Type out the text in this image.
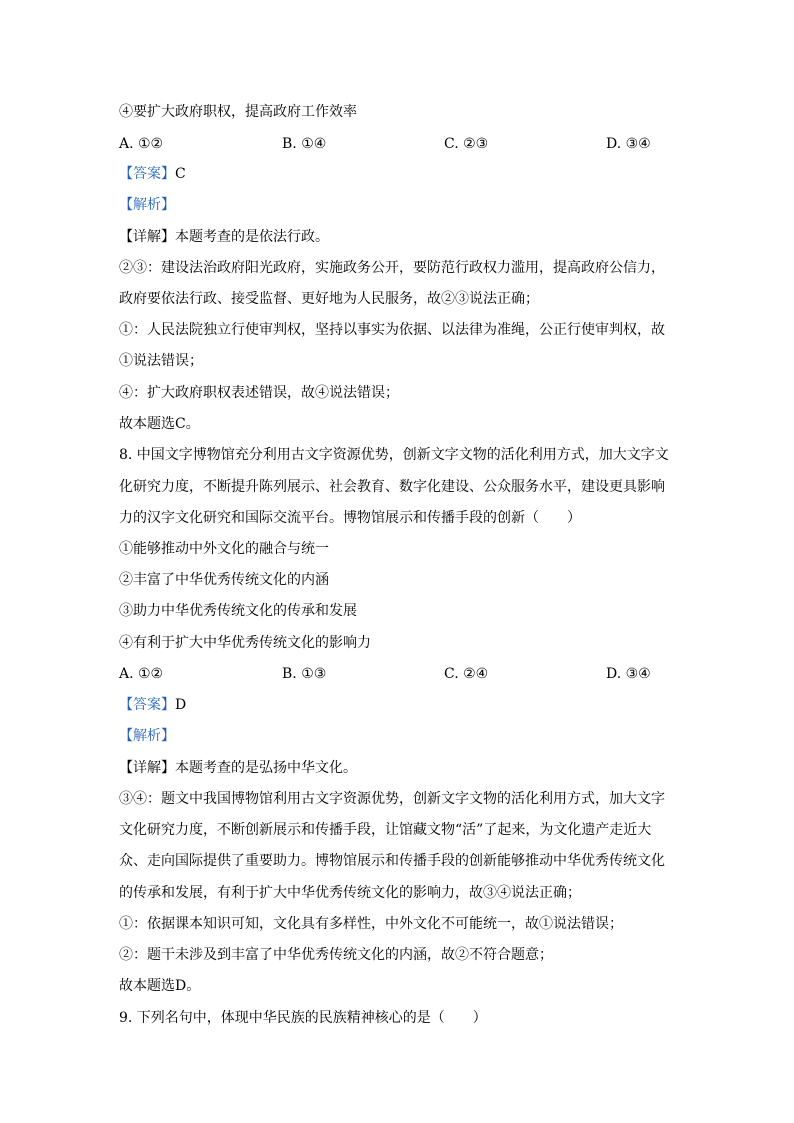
④要扩大政府职权，提高政府工作效率
A. ①②	B. ①④	C. ②③	D. ③④
【答案】C
【解析】
【详解】本题考查的是依法行政。
②③：建设法治政府阳光政府，实施政务公开，要防范行政权力滥用，提高政府公信力，
政府要依法行政、接受监督、更好地为人民服务，故②③说法正确；
①：人民法院独立行使审判权，坚持以事实为依据、以法律为准绳，公正行使审判权，故
①说法错误；
④：扩大政府职权表述错误，故④说法错误；
故本题选C。
8. 中国文字博物馆充分利用古文字资源优势，创新文字文物的活化利用方式，加大文字文
化研究力度，不断提升陈列展示、社会教育、数字化建设、公众服务水平，建设更具影响
力的汉字文化研究和国际交流平台。博物馆展示和传播手段的创新（　　）
①能够推动中外文化的融合与统一
②丰富了中华优秀传统文化的内涵
③助力中华优秀传统文化的传承和发展
④有利于扩大中华优秀传统文化的影响力
A. ①②	B. ①③	C. ②④	D. ③④
【答案】D
【解析】
【详解】本题考查的是弘扬中华文化。
③④：题文中我国博物馆利用古文字资源优势，创新文字文物的活化利用方式，加大文字
文化研究力度，不断创新展示和传播手段，让馆藏文物“活”了起来，为文化遗产走近大
众、走向国际提供了重要助力。博物馆展示和传播手段的创新能够推动中华优秀传统文化
的传承和发展，有利于扩大中华优秀传统文化的影响力，故③④说法正确；
①：依据课本知识可知，文化具有多样性，中外文化不可能统一，故①说法错误；
②：题干未涉及到丰富了中华优秀传统文化的内涵，故②不符合题意；
故本题选D。
9. 下列名句中，体现中华民族的民族精神核心的是（　　）
